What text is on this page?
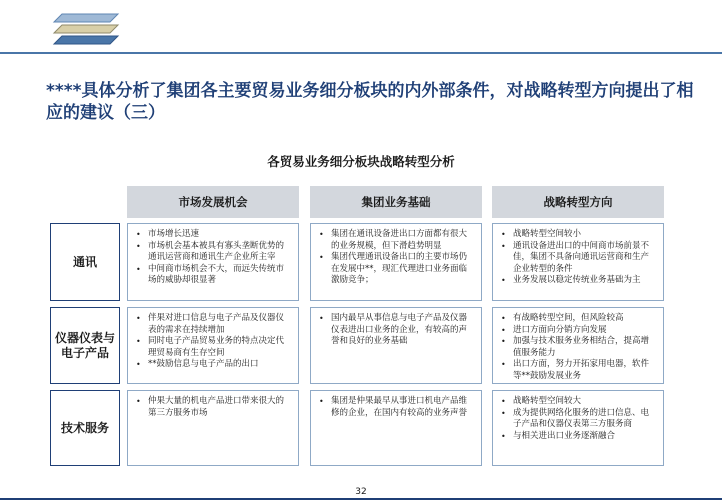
****具体分析了集团各主要贸易业务细分板块的内外部条件，对战略转型方向提出了相应的建议（三）
各贸易业务细分板块战略转型分析
市场发展机会	集团业务基础	战略转型方向
通讯
• 市场增长迅速
• 市场机会基本被具有寡头垄断优势的通讯运营商和通讯生产企业所主宰
• 中间商市场机会不大，而远失传统市场的威胁却很显著
• 集团在通讯设备进出口方面都有很大的业务规模，但下滑趋势明显
• 集团代理通讯设备出口的主要市场仍在发展中**，现汇代理进口业务面临激励竞争；
• 战略转型空间较小
• 通讯设备进出口的中间商市场前景不佳，集团不具备向通讯运营商和生产企业转型的条件
• 业务发展以稳定传统业务基础为主
仪器仪表与电子产品
• 伴果对进口信息与电子产品及仪器仪表的需求在持续增加
• 同时电子产品贸易业务的特点决定代理贸易商有生存空间
• **鼓励信息与电子产品的出口
• 国内最早从事信息与电子产品及仪器仪表进出口业务的企业，有较高的声誉和良好的业务基础
• 有战略转型空间，但风险较高
• 进口方面向分销方向发展
• 加强与技术服务业务相结合，提高增值服务能力
• 出口方面，努力开拓家用电器，软件等**鼓励发展业务
技术服务
• 仲果大量的机电产品进口带来很大的第三方服务市场
• 集团是仲果最早从事进口机电产品维修的企业，在国内有较高的业务声誉
• 战略转型空间较大
• 成为提供网络化服务的进口信息、电子产品和仪器仪表第三方服务商
• 与相关进出口业务逐渐融合
32
